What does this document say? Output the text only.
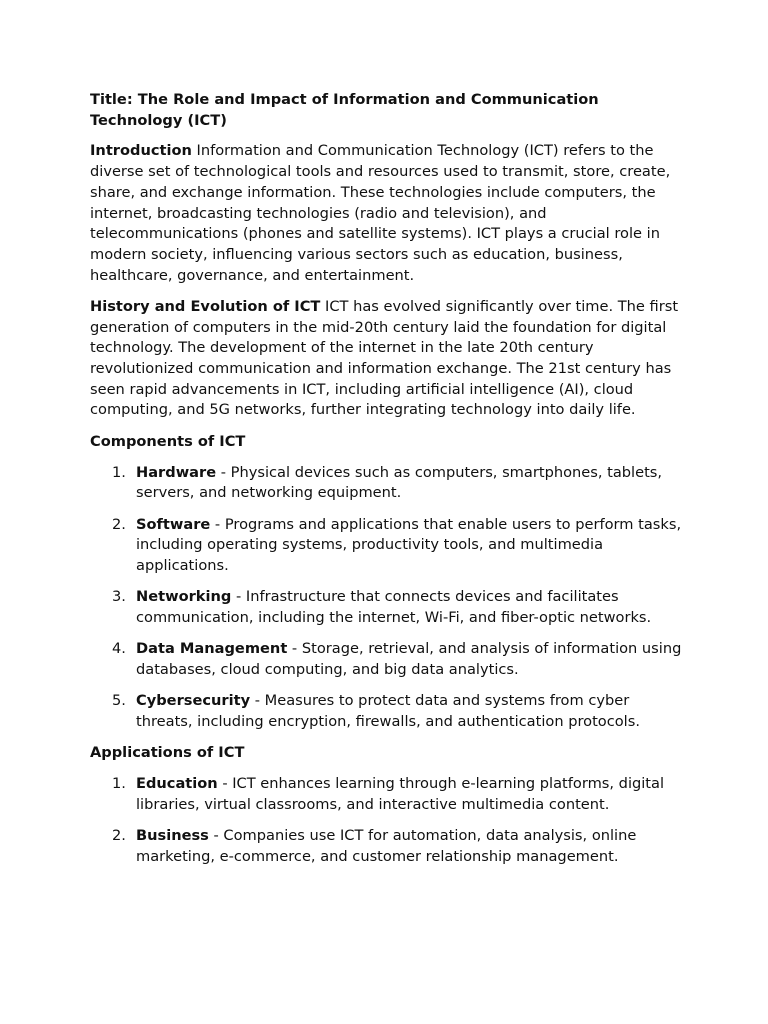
Title: The Role and Impact of Information and Communication Technology (ICT)

Introduction Information and Communication Technology (ICT) refers to the diverse set of technological tools and resources used to transmit, store, create, share, and exchange information. These technologies include computers, the internet, broadcasting technologies (radio and television), and telecommunications (phones and satellite systems). ICT plays a crucial role in modern society, influencing various sectors such as education, business, healthcare, governance, and entertainment.

History and Evolution of ICT ICT has evolved significantly over time. The first generation of computers in the mid-20th century laid the foundation for digital technology. The development of the internet in the late 20th century revolutionized communication and information exchange. The 21st century has seen rapid advancements in ICT, including artificial intelligence (AI), cloud computing, and 5G networks, further integrating technology into daily life.

Components of ICT
1. Hardware - Physical devices such as computers, smartphones, tablets, servers, and networking equipment.
2. Software - Programs and applications that enable users to perform tasks, including operating systems, productivity tools, and multimedia applications.
3. Networking - Infrastructure that connects devices and facilitates communication, including the internet, Wi-Fi, and fiber-optic networks.
4. Data Management - Storage, retrieval, and analysis of information using databases, cloud computing, and big data analytics.
5. Cybersecurity - Measures to protect data and systems from cyber threats, including encryption, firewalls, and authentication protocols.
Applications of ICT
1. Education - ICT enhances learning through e-learning platforms, digital libraries, virtual classrooms, and interactive multimedia content.
2. Business - Companies use ICT for automation, data analysis, online marketing, e-commerce, and customer relationship management.
